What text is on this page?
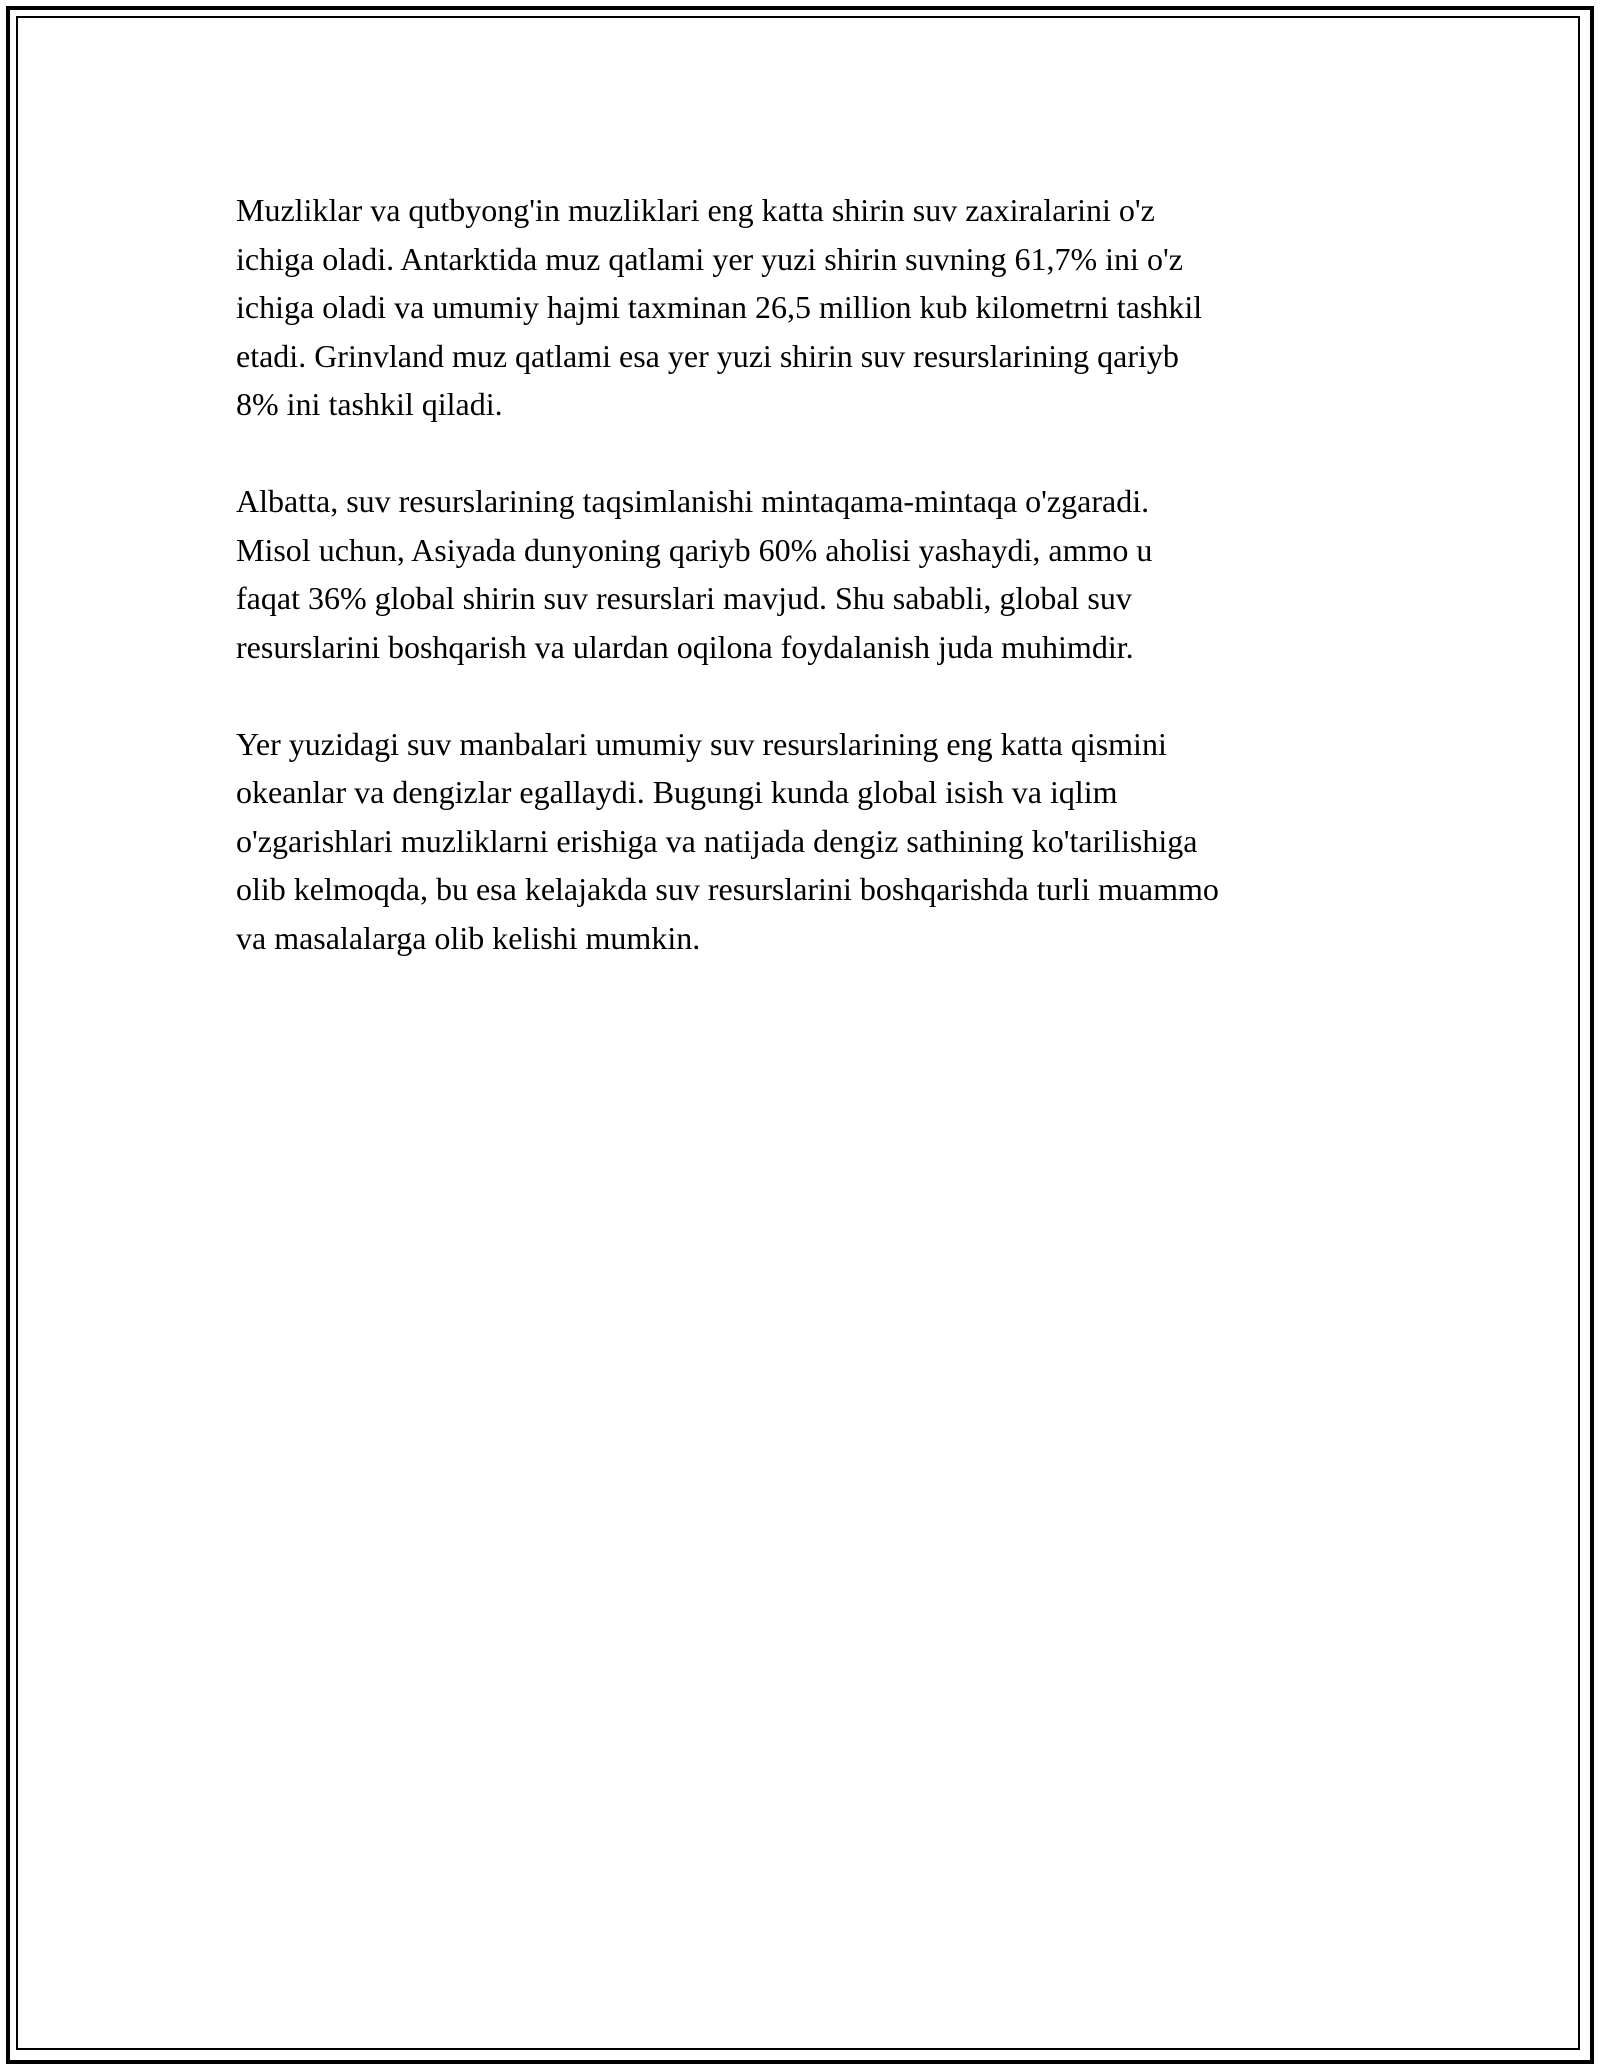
Muzliklar va qutbyong'in muzliklari eng katta shirin suv zaxiralarini o'z
ichiga oladi. Antarktida muz qatlami yer yuzi shirin suvning 61,7% ini o'z
ichiga oladi va umumiy hajmi taxminan 26,5 million kub kilometrni tashkil
etadi. Grinvland muz qatlami esa yer yuzi shirin suv resurslarining qariyb
8% ini tashkil qiladi.

Albatta, suv resurslarining taqsimlanishi mintaqama-mintaqa o'zgaradi.
Misol uchun, Asiyada dunyoning qariyb 60% aholisi yashaydi, ammo u
faqat 36% global shirin suv resurslari mavjud. Shu sababli, global suv
resurslarini boshqarish va ulardan oqilona foydalanish juda muhimdir.

Yer yuzidagi suv manbalari umumiy suv resurslarining eng katta qismini
okeanlar va dengizlar egallaydi. Bugungi kunda global isish va iqlim
o'zgarishlari muzliklarni erishiga va natijada dengiz sathining ko'tarilishiga
olib kelmoqda, bu esa kelajakda suv resurslarini boshqarishda turli muammo
va masalalarga olib kelishi mumkin.
